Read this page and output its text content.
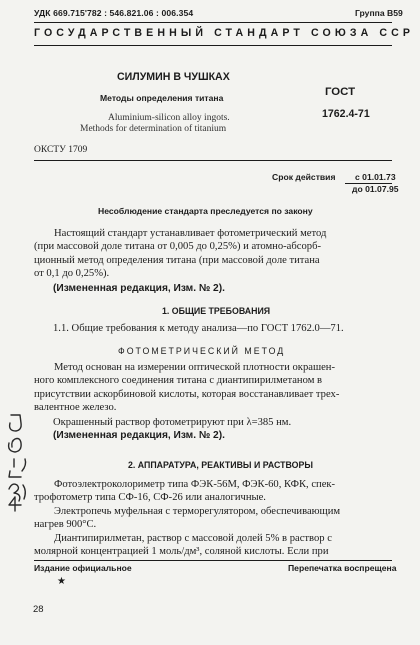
УДК 669.715'782 : 546.821.06 : 006.354	Группа В59
ГОСУДАРСТВЕННЫЙ СТАНДАРТ СОЮЗА ССР
СИЛУМИН В ЧУШКАХ
Методы определения титана
Aluminium-silicon alloy ingots.
Methods for determination of titanium
ГОСТ
1762.4-71
ОКСТУ 1709
Срок действия с 01.01.73
до 01.07.95
Несоблюдение стандарта преследуется по закону
Настоящий стандарт устанавливает фотометрический метод
(при массовой доле титана от 0,005 до 0,25%) и атомно-абсорб-
ционный метод определения титана (при массовой доле титана
от 0,1 до 0,25%).
(Измененная редакция, Изм. № 2).
1. ОБЩИЕ ТРЕБОВАНИЯ
1.1. Общие требования к методу анализа—по ГОСТ 1762.0—71.
ФОТОМЕТРИЧЕСКИЙ МЕТОД
Метод основан на измерении оптической плотности окрашен-
ного комплексного соединения титана с диантипирилметаном в
присутствии аскорбиновой кислоты, которая восстанавливает трех-
валентное железо.
Окрашенный раствор фотометрируют при λ=385 нм.
(Измененная редакция, Изм. № 2).
2. АППАРАТУРА, РЕАКТИВЫ И РАСТВОРЫ
Фотоэлектроколориметр типа ФЭК-56М, ФЭК-60, КФК, спек-
трофотометр типа СФ-16, СФ-26 или аналогичные.
Электропечь муфельная с терморегулятором, обеспечивающим
нагрев 900°C.
Диантипирилметан, раствор с массовой долей 5% в раствор с
молярной концентрацией 1 моль/дм³, соляной кислоты. Если при
Издание официальное	Перепечатка воспрещена
★
28
